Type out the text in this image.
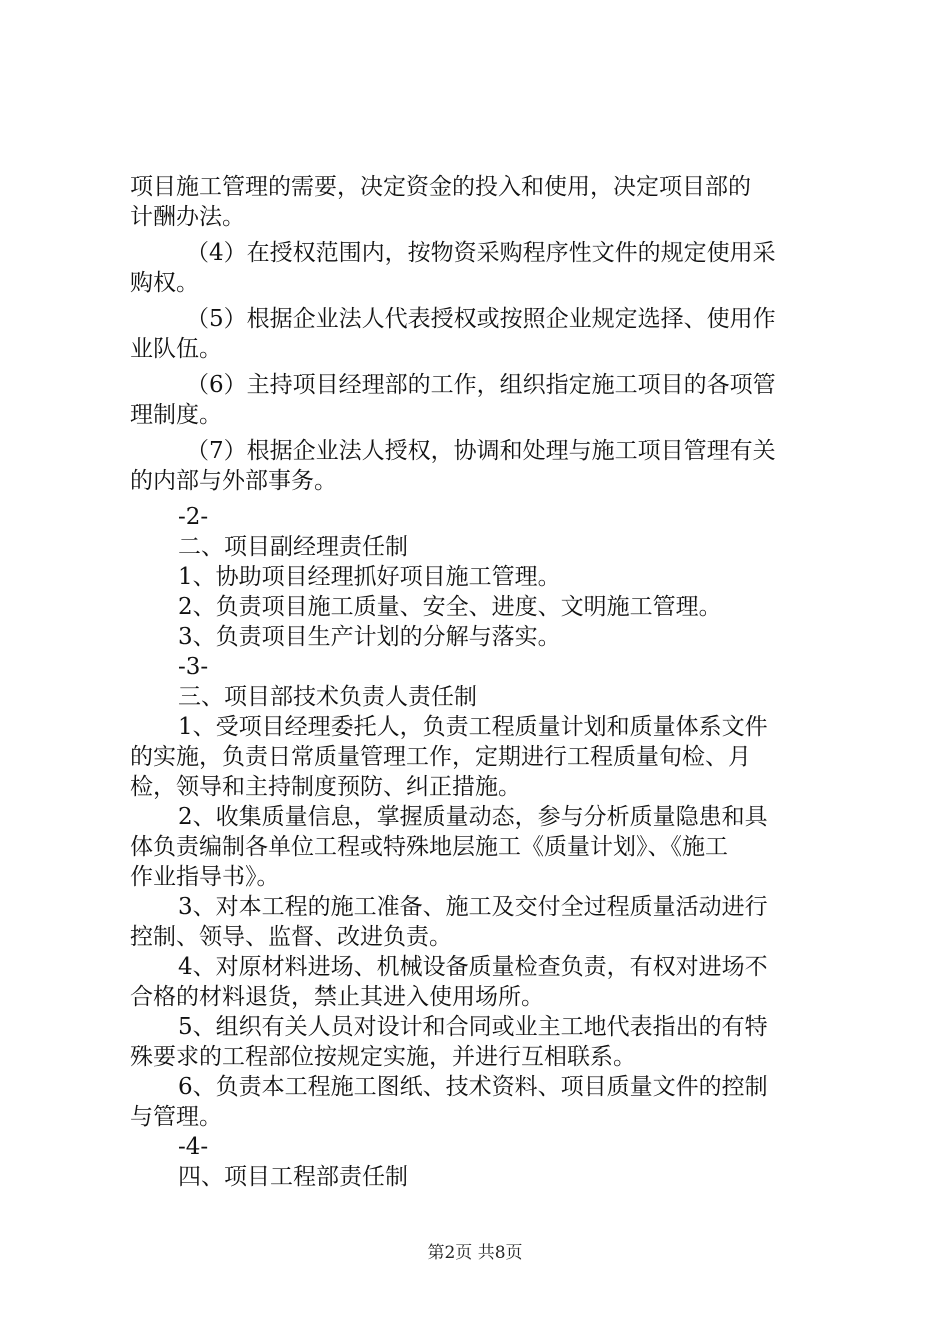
项目施工管理的需要，决定资金的投入和使用，决定项目部的
计酬办法。
（4）在授权范围内，按物资采购程序性文件的规定使用采
购权。
（5）根据企业法人代表授权或按照企业规定选择、使用作
业队伍。
（6）主持项目经理部的工作，组织指定施工项目的各项管
理制度。
（7）根据企业法人授权，协调和处理与施工项目管理有关
的内部与外部事务。
-2-
二、项目副经理责任制
1、协助项目经理抓好项目施工管理。
2、负责项目施工质量、安全、进度、文明施工管理。
3、负责项目生产计划的分解与落实。
-3-
三、项目部技术负责人责任制
1、受项目经理委托人，负责工程质量计划和质量体系文件
的实施，负责日常质量管理工作，定期进行工程质量旬检、月
检，领导和主持制度预防、纠正措施。
2、收集质量信息，掌握质量动态，参与分析质量隐患和具
体负责编制各单位工程或特殊地层施工《质量计划》、《施工
作业指导书》。
3、对本工程的施工准备、施工及交付全过程质量活动进行
控制、领导、监督、改进负责。
4、对原材料进场、机械设备质量检查负责，有权对进场不
合格的材料退货，禁止其进入使用场所。
5、组织有关人员对设计和合同或业主工地代表指出的有特
殊要求的工程部位按规定实施，并进行互相联系。
6、负责本工程施工图纸、技术资料、项目质量文件的控制
与管理。
-4-
四、项目工程部责任制
第2页 共8页
